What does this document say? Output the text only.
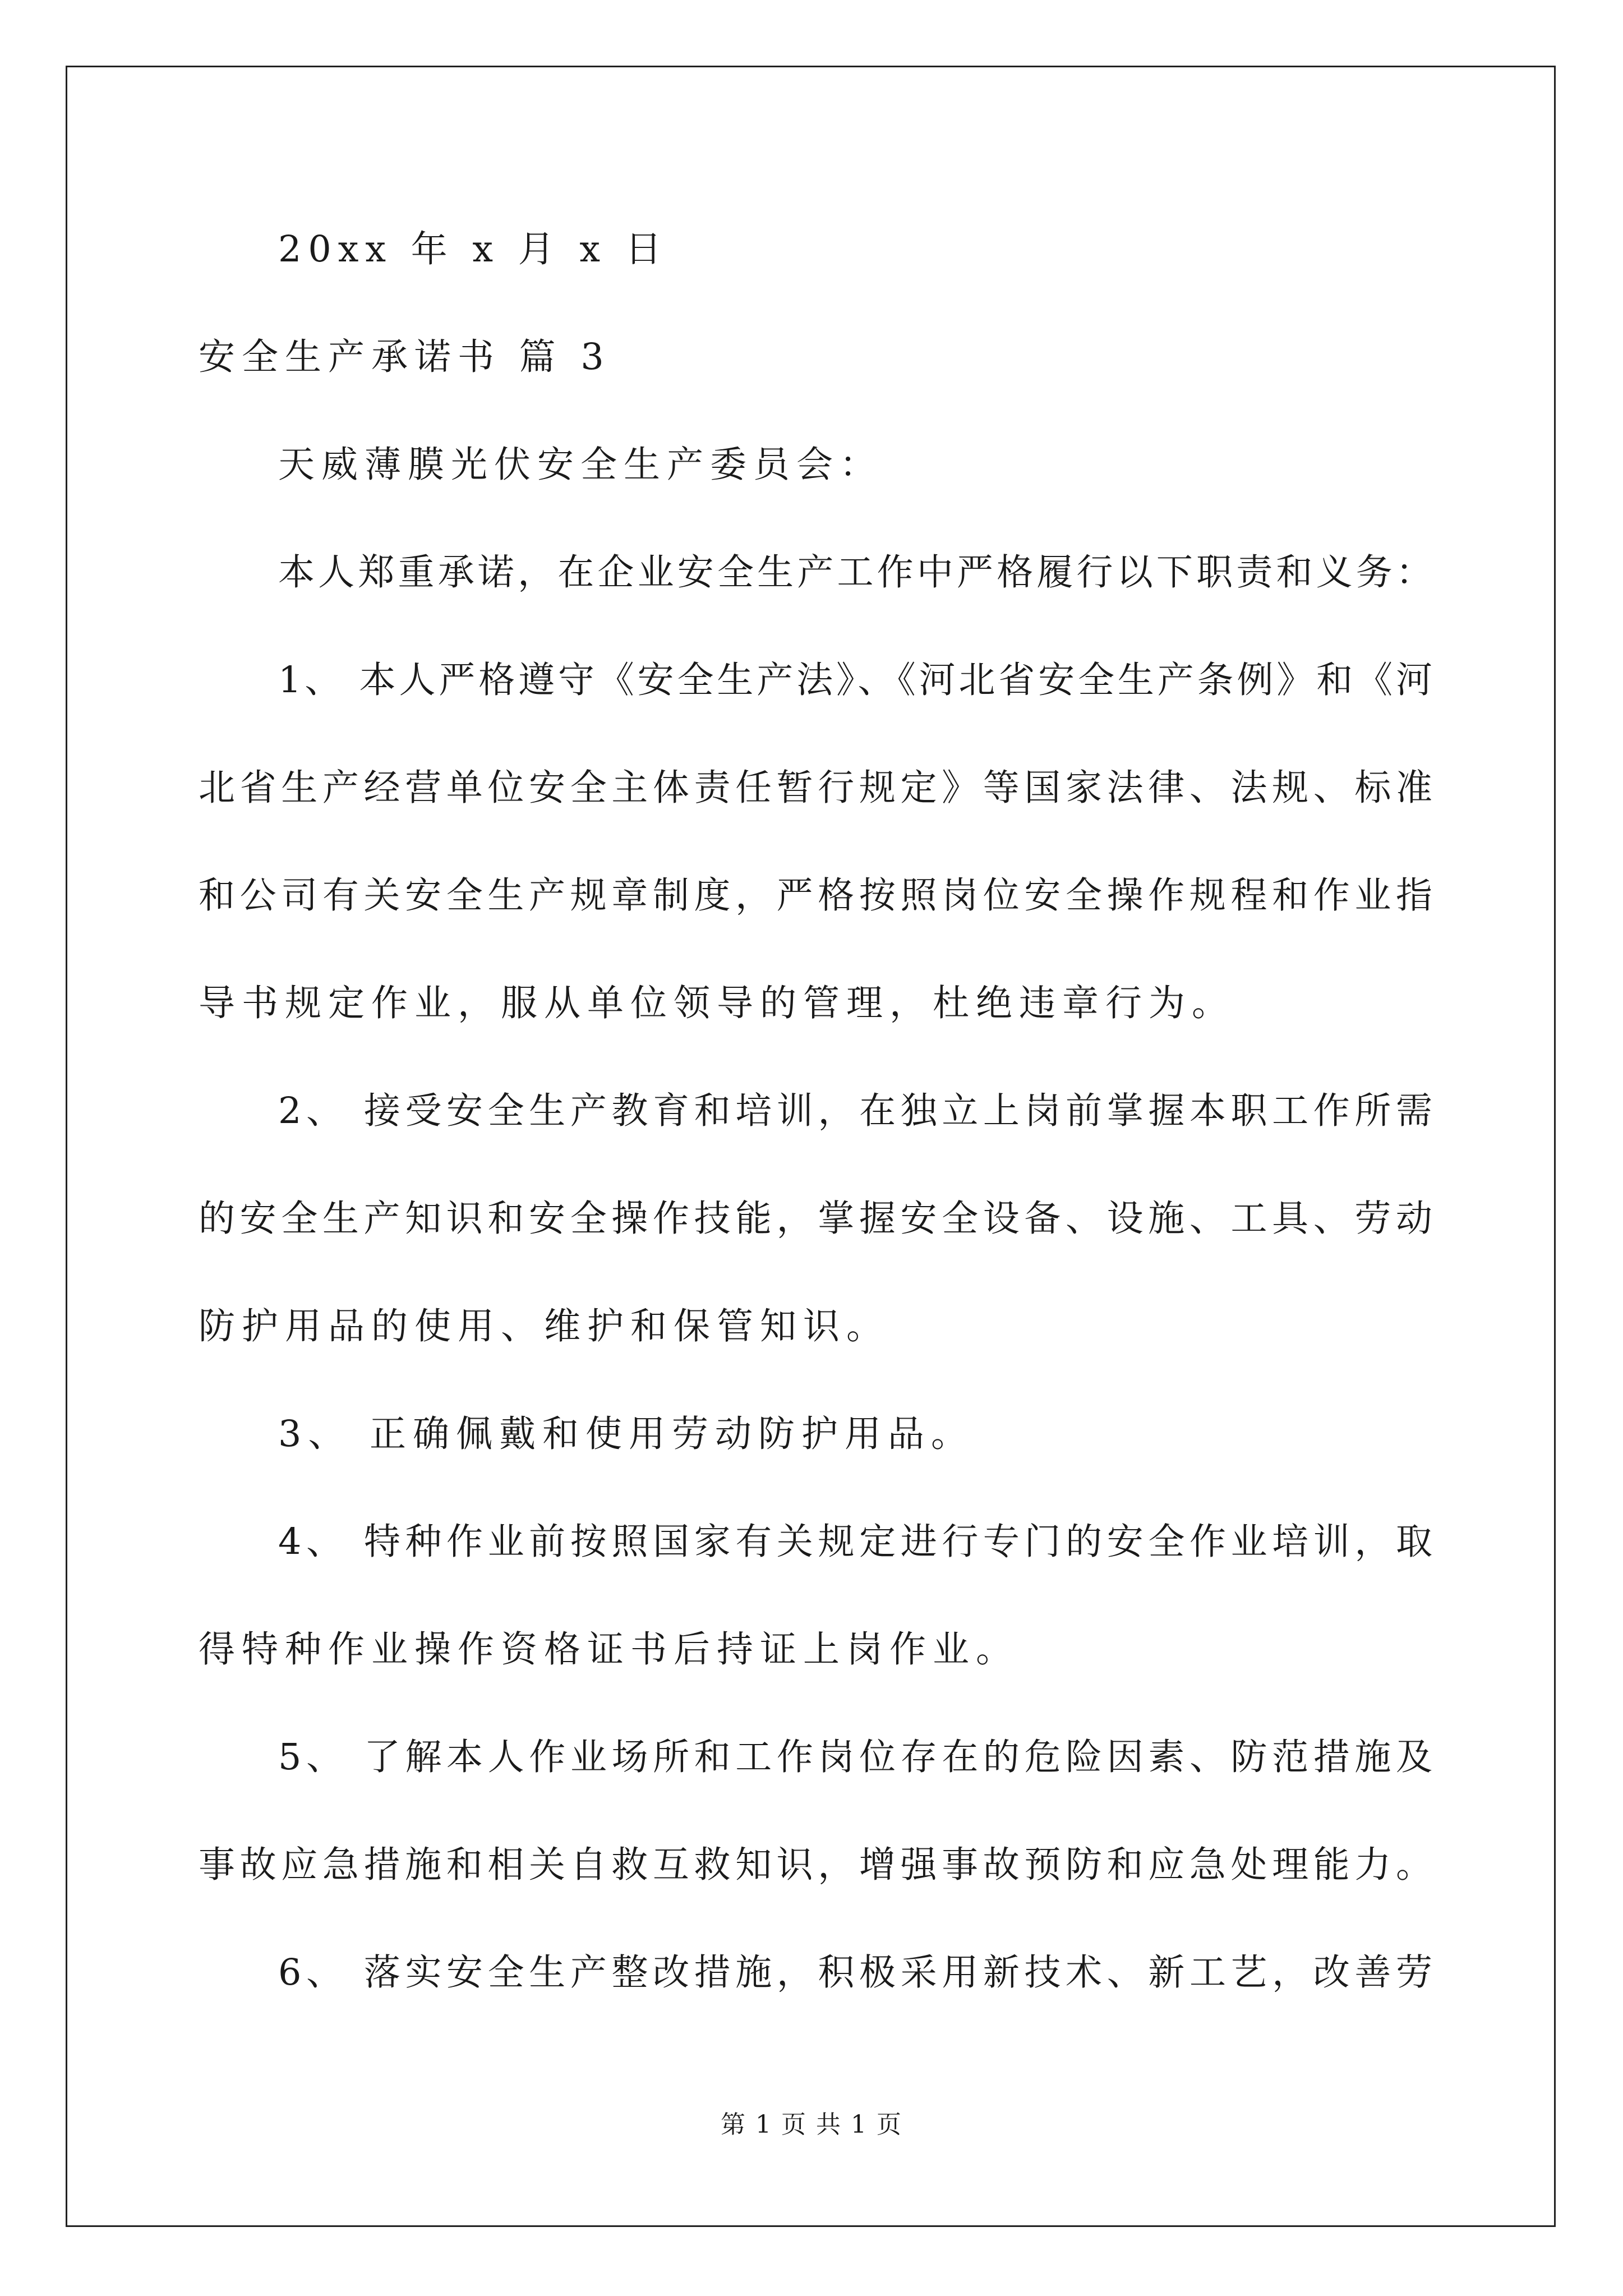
20xx 年 x 月 x 日
安全生产承诺书 篇 3
天威薄膜光伏安全生产委员会：
本人郑重承诺，在企业安全生产工作中严格履行以下职责和义务：
1、 本人严格遵守《安全生产法》、《河北省安全生产条例》和《河
北省生产经营单位安全主体责任暂行规定》等国家法律、法规、标准
和公司有关安全生产规章制度，严格按照岗位安全操作规程和作业指
导书规定作业，服从单位领导的管理，杜绝违章行为。
2、 接受安全生产教育和培训，在独立上岗前掌握本职工作所需
的安全生产知识和安全操作技能，掌握安全设备、设施、工具、劳动
防护用品的使用、维护和保管知识。
3、 正确佩戴和使用劳动防护用品。
4、 特种作业前按照国家有关规定进行专门的安全作业培训，取
得特种作业操作资格证书后持证上岗作业。
5、 了解本人作业场所和工作岗位存在的危险因素、防范措施及
事故应急措施和相关自救互救知识，增强事故预防和应急处理能力。
6、 落实安全生产整改措施，积极采用新技术、新工艺，改善劳
第 1 页 共 1 页
